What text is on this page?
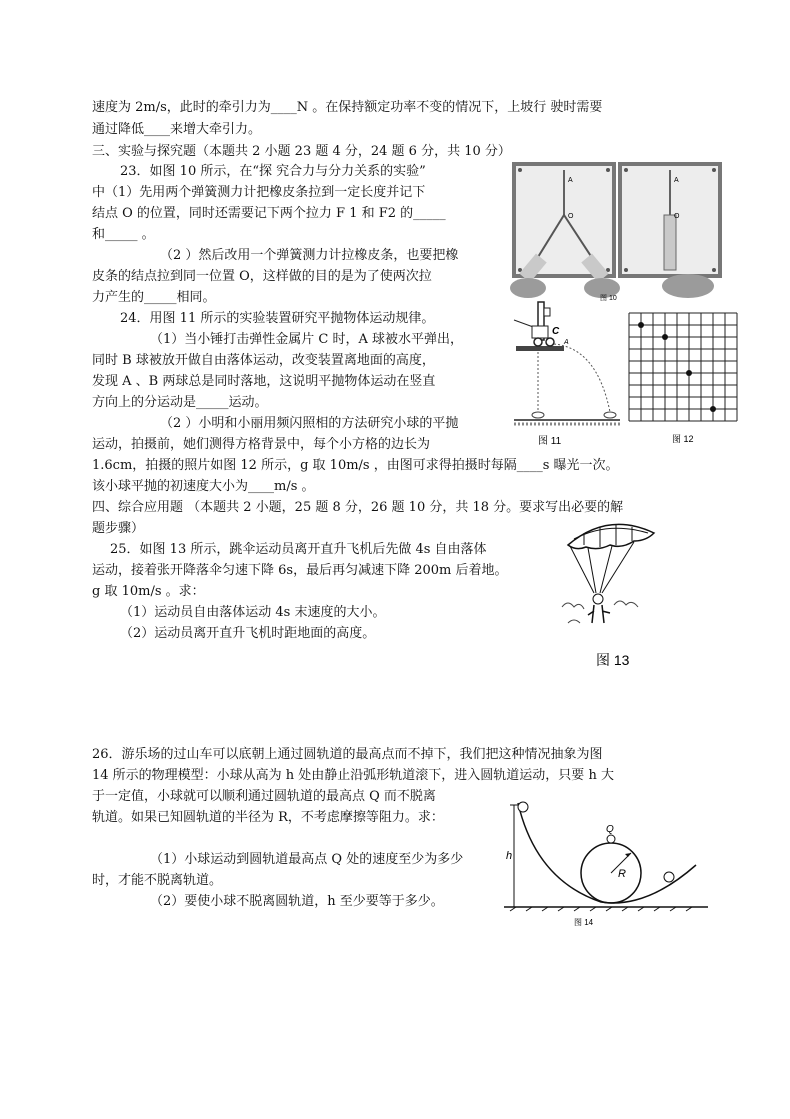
速度为 2m/s，此时的牵引力为____N 。在保持额定功率不变的情况下，上坡行 驶时需要
通过降低____来增大牵引力。
三、实验与探究题（本题共 2 小题 23 题 4 分，24 题 6 分，共 10 分）
23．如图 10 所示，在“探 究合力与分力关系的实验”
中（1）先用两个弹簧测力计把橡皮条拉到一定长度并记下
结点 O 的位置，同时还需要记下两个拉力 F 1 和 F2 的_____
和_____ 。
（2 ）然后改用一个弹簧测力计拉橡皮条，也要把橡
皮条的结点拉到同一位置 O，这样做的目的是为了使两次拉
力产生的_____相同。
24．用图 11 所示的实验装置研究平抛物体运动规律。
（1）当小锤打击弹性金属片 C 时，A 球被水平弹出，
同时 B 球被放开做自由落体运动，改变装置离地面的高度，
发现 A 、B 两球总是同时落地，这说明平抛物体运动在竖直
方向上的分运动是_____运动。
（2 ）小明和小丽用频闪照相的方法研究小球的平抛
运动，拍摄前，她们测得方格背景中，每个小方格的边长为
1.6cm，拍摄的照片如图 12 所示，g 取 10m/s ，由图可求得拍摄时每隔____s 曝光一次。
该小球平抛的初速度大小为____m/s 。
四、综合应用题 （本题共 2 小题，25 题 8 分，26 题 10 分，共 18 分。要求写出必要的解
题步骤）
25．如图 13 所示，跳伞运动员离开直升飞机后先做 4s 自由落体
运动，接着张开降落伞匀速下降 6s，最后再匀减速下降 200m 后着地。
g 取 10m/s 。求：
（1）运动员自由落体运动 4s 末速度的大小。
（2）运动员离开直升飞机时距地面的高度。
26．游乐场的过山车可以底朝上通过圆轨道的最高点而不掉下，我们把这种情况抽象为图
14 所示的物理模型：小球从高为 h 处由静止沿弧形轨道滚下，进入圆轨道运动，只要 h 大
于一定值，小球就可以顺利通过圆轨道的最高点 Q 而不脱离
轨道。如果已知圆轨道的半径为 R，不考虑摩擦等阻力。求：
（1）小球运动到圆轨道最高点 Q 处的速度至少为多少
时，才能不脱离轨道。
（2）要使小球不脱离圆轨道，h 至少要等于多少。
A
O
A
O
图 10
C
A
图 11	图 12
图 13
h
Q
R
图 14
